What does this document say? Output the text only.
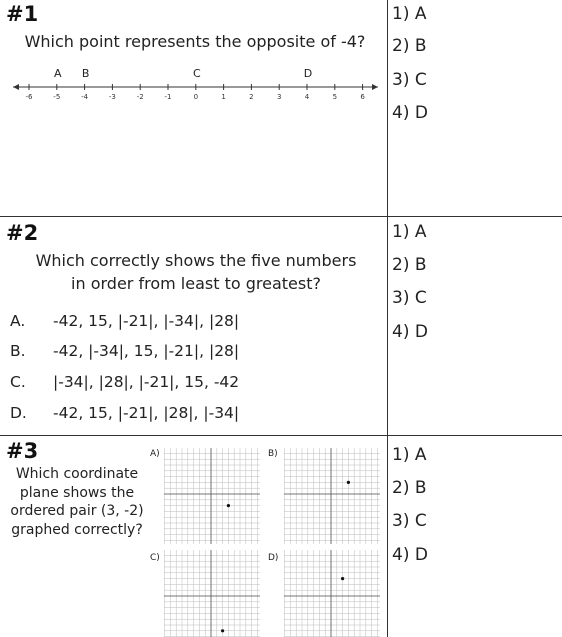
#1
Which point represents the opposite of -4?
-6	-5	-4	-3	-2	-1	0	1	2	3	4	5	6
A B	C	D
1) A
2) B
3) C
4) D
#2
Which correctly shows the five numbers
in order from least to greatest?
A. -42, 15, |-21|, |-34|, |28|
B. -42, |-34|, 15, |-21|, |28|
C. |-34|, |28|, |-21|, 15, -42
D. -42, 15, |-21|, |28|, |-34|
1) A
2) B
3) C
4) D
#3
Which coordinate
plane shows the
ordered pair (3, -2)
graphed correctly?
A)	B)
C)	D)
1) A
2) B
3) C
4) D
